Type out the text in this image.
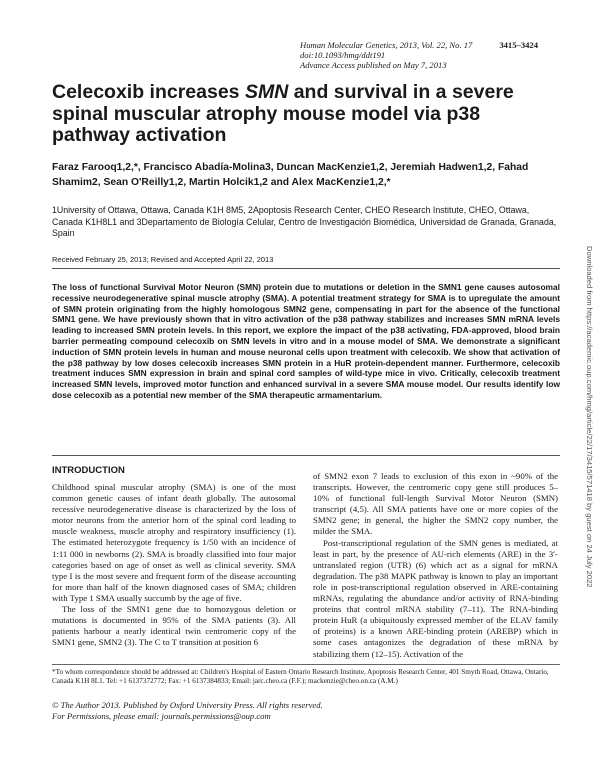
Human Molecular Genetics, 2013, Vol. 22, No. 17
doi:10.1093/hmg/ddt191
Advance Access published on May 7, 2013
3415–3424
Celecoxib increases SMN and survival in a severe spinal muscular atrophy mouse model via p38 pathway activation
Faraz Farooq1,2,*, Francisco Abadía-Molina3, Duncan MacKenzie1,2, Jeremiah Hadwen1,2, Fahad Shamim2, Sean O'Reilly1,2, Martin Holcik1,2 and Alex MacKenzie1,2,*
1University of Ottawa, Ottawa, Canada K1H 8M5, 2Apoptosis Research Center, CHEO Research Institute, CHEO, Ottawa, Canada K1H8L1 and 3Departamento de Biología Celular, Centro de Investigación Biomédica, Universidad de Granada, Granada, Spain
Received February 25, 2013; Revised and Accepted April 22, 2013
The loss of functional Survival Motor Neuron (SMN) protein due to mutations or deletion in the SMN1 gene causes autosomal recessive neurodegenerative spinal muscle atrophy (SMA). A potential treatment strategy for SMA is to upregulate the amount of SMN protein originating from the highly homologous SMN2 gene, compensating in part for the absence of the functional SMN1 gene. We have previously shown that in vitro activation of the p38 pathway stabilizes and increases SMN mRNA levels leading to increased SMN protein levels. In this report, we explore the impact of the p38 activating, FDA-approved, blood brain barrier permeating compound celecoxib on SMN levels in vitro and in a mouse model of SMA. We demonstrate a significant induction of SMN protein levels in human and mouse neuronal cells upon treatment with celecoxib. We show that activation of the p38 pathway by low doses celecoxib increases SMN protein in a HuR protein-dependent manner. Furthermore, celecoxib treatment induces SMN expression in brain and spinal cord samples of wild-type mice in vivo. Critically, celecoxib treatment increased SMN levels, improved motor function and enhanced survival in a severe SMA mouse model. Our results identify low dose celecoxib as a potential new member of the SMA therapeutic armamentarium.
INTRODUCTION

Childhood spinal muscular atrophy (SMA) is one of the most common genetic causes of infant death globally. The autosomal recessive neurodegenerative disease is characterized by the loss of motor neurons from the anterior horn of the spinal cord leading to muscle weakness, muscle atrophy and respiratory insufficiency (1). The estimated heterozygote frequency is 1/50 with an incidence of 1:11 000 in newborns (2). SMA is broadly classified into four major categories based on age of onset as well as clinical severity. SMA type I is the most severe and frequent form of the disease accounting for more than half of the known diagnosed cases of SMA; children with Type 1 SMA usually succumb by the age of five.

The loss of the SMN1 gene due to homozygous deletion or mutations is documented in 95% of the SMA patients (3). All patients harbour a nearly identical twin centromeric copy of the SMN1 gene, SMN2 (3). The C to T transition at position 6

of SMN2 exon 7 leads to exclusion of this exon in ~90% of the transcripts. However, the centromeric copy gene still produces 5–10% of functional full-length Survival Motor Neuron (SMN) transcript (4,5). All SMA patients have one or more copies of the SMN2 gene; in general, the higher the SMN2 copy number, the milder the SMA.

Post-transcriptional regulation of the SMN genes is mediated, at least in part, by the presence of AU-rich elements (ARE) in the 3′-untranslated region (UTR) (6) which act as a signal for mRNA degradation. The p38 MAPK pathway is known to play an important role in post-transcriptional regulation observed in ARE-containing mRNAs, regulating the abundance and/or activity of RNA-binding proteins that control mRNA stability (7–11). The RNA-binding protein HuR (a ubiquitously expressed member of the ELAV family of proteins) is a known ARE-binding protein (AREBP) which in some cases antagonizes the degradation of these mRNA by stabilizing them (12–15). Activation of the

*To whom correspondence should be addressed at: Children's Hospital of Eastern Ontario Research Institute, Apoptosis Research Center, 401 Smyth Road, Ottawa, Ontario, Canada K1H 8L1. Tel: +1 6137372772; Fax: +1 6137384833; Email: jarc.cheo.ca (F.F.); mackenzie@cheo.on.ca (A.M.)
© The Author 2013. Published by Oxford University Press. All rights reserved.
For Permissions, please email: journals.permissions@oup.com
Downloaded from https://academic.oup.com/hmg/article/22/17/3415/571418 by guest on 24 July 2022
